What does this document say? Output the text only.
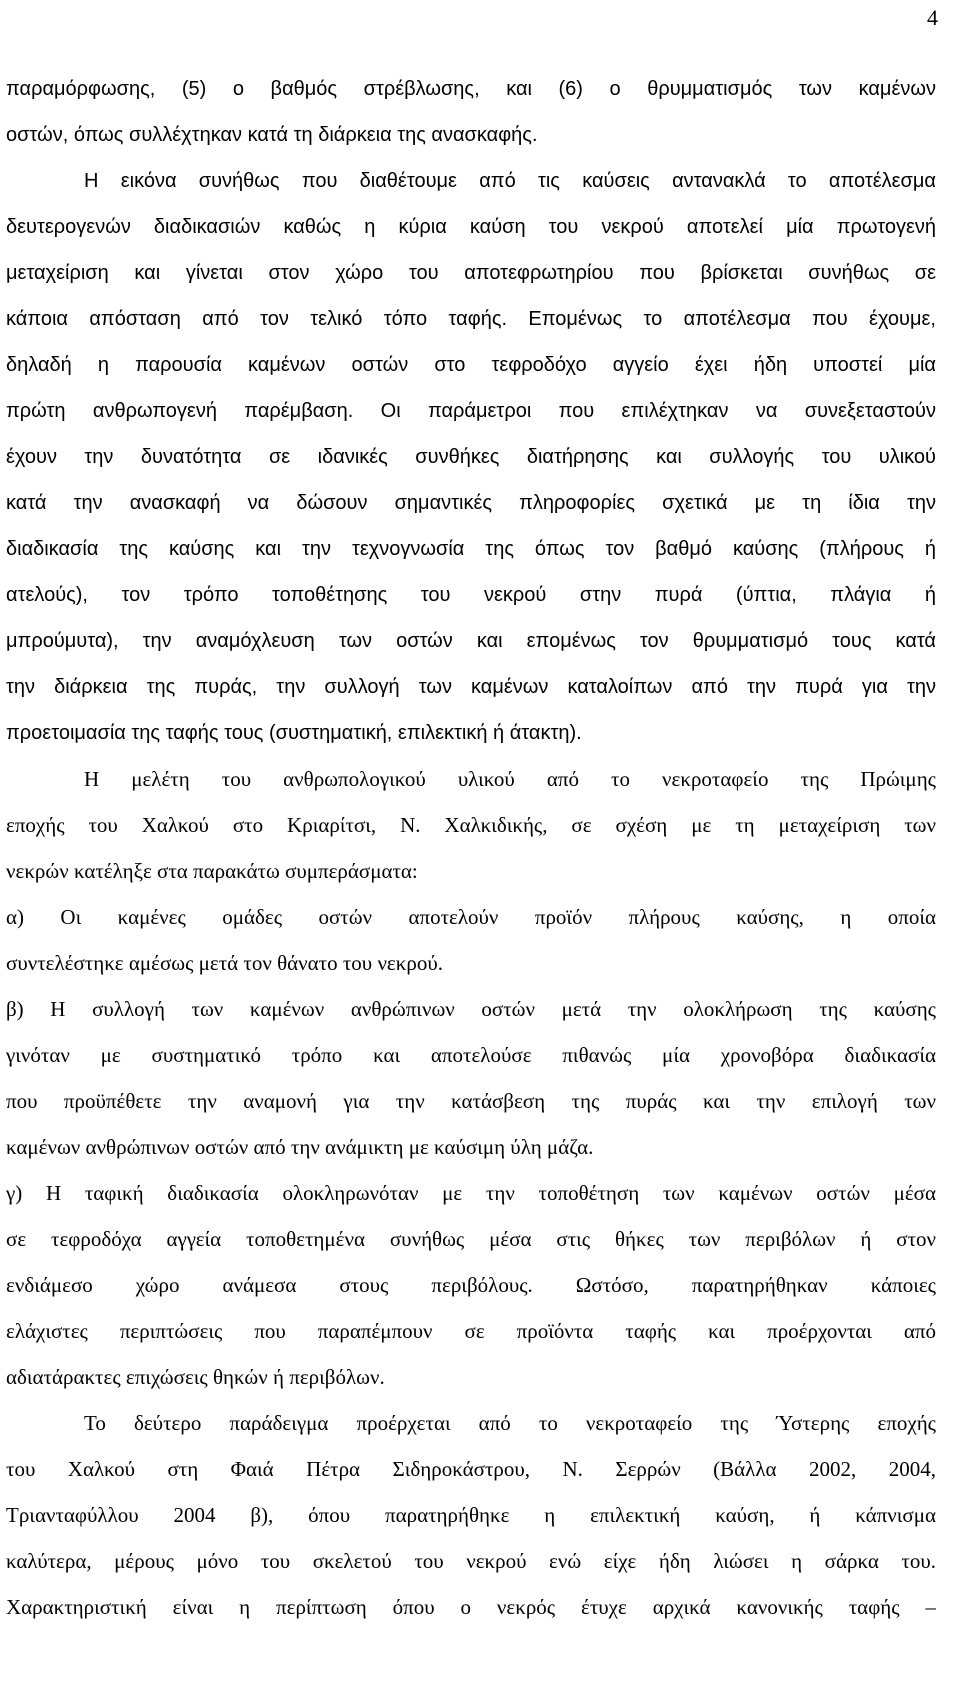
4
παραμόρφωσης, (5) ο βαθμός στρέβλωσης, και (6) ο θρυμματισμός των καμένων
οστών, όπως συλλέχτηκαν κατά τη διάρκεια της ανασκαφής.
Η εικόνα συνήθως που διαθέτουμε από τις καύσεις αντανακλά το αποτέλεσμα
δευτερογενών διαδικασιών καθώς η κύρια καύση του νεκρού αποτελεί μία πρωτογενή
μεταχείριση και γίνεται στον χώρο του αποτεφρωτηρίου που βρίσκεται συνήθως σε
κάποια απόσταση από τον τελικό τόπο ταφής. Επομένως το αποτέλεσμα που έχουμε,
δηλαδή η παρουσία καμένων οστών στο τεφροδόχο αγγείο έχει ήδη υποστεί μία
πρώτη ανθρωπογενή παρέμβαση. Οι παράμετροι που επιλέχτηκαν να συνεξεταστούν
έχουν την δυνατότητα σε ιδανικές συνθήκες διατήρησης και συλλογής του υλικού
κατά την ανασκαφή να δώσουν σημαντικές πληροφορίες σχετικά με τη ίδια την
διαδικασία της καύσης και την τεχνογνωσία της όπως τον βαθμό καύσης (πλήρους ή
ατελούς), τον τρόπο τοποθέτησης του νεκρού στην πυρά (ύπτια, πλάγια ή
μπρούμυτα), την αναμόχλευση των οστών και επομένως τον θρυμματισμό τους κατά
την διάρκεια της πυράς, την συλλογή των καμένων καταλοίπων από την πυρά για την
προετοιμασία της ταφής τους (συστηματική, επιλεκτική ή άτακτη).
Η μελέτη του ανθρωπολογικού υλικού από το νεκροταφείο της Πρώιμης
εποχής του Χαλκού στο Κριαρίτσι, Ν. Χαλκιδικής, σε σχέση με τη μεταχείριση των
νεκρών κατέληξε στα παρακάτω συμπεράσματα:
α) Οι καμένες ομάδες οστών αποτελούν προϊόν πλήρους καύσης, η οποία
συντελέστηκε αμέσως μετά τον θάνατο του νεκρού.
β) Η συλλογή των καμένων ανθρώπινων οστών μετά την ολοκλήρωση της καύσης
γινόταν με συστηματικό τρόπο και αποτελούσε πιθανώς μία χρονοβόρα διαδικασία
που προϋπέθετε την αναμονή για την κατάσβεση της πυράς και την επιλογή των
καμένων ανθρώπινων οστών από την ανάμικτη με καύσιμη ύλη μάζα.
γ) Η ταφική διαδικασία ολοκληρωνόταν με την τοποθέτηση των καμένων οστών μέσα
σε τεφροδόχα αγγεία τοποθετημένα συνήθως μέσα στις θήκες των περιβόλων ή στον
ενδιάμεσο χώρο ανάμεσα στους περιβόλους. Ωστόσο, παρατηρήθηκαν κάποιες
ελάχιστες περιπτώσεις που παραπέμπουν σε προϊόντα ταφής και προέρχονται από
αδιατάρακτες επιχώσεις θηκών ή περιβόλων.
Το δεύτερο παράδειγμα προέρχεται από το νεκροταφείο της Ύστερης εποχής
του Χαλκού στη Φαιά Πέτρα Σιδηροκάστρου, Ν. Σερρών (Βάλλα 2002, 2004,
Τριανταφύλλου 2004 β), όπου παρατηρήθηκε η επιλεκτική καύση, ή κάπνισμα
καλύτερα, μέρους μόνο του σκελετού του νεκρού ενώ είχε ήδη λιώσει η σάρκα του.
Χαρακτηριστική είναι η περίπτωση όπου ο νεκρός έτυχε αρχικά κανονικής ταφής –
